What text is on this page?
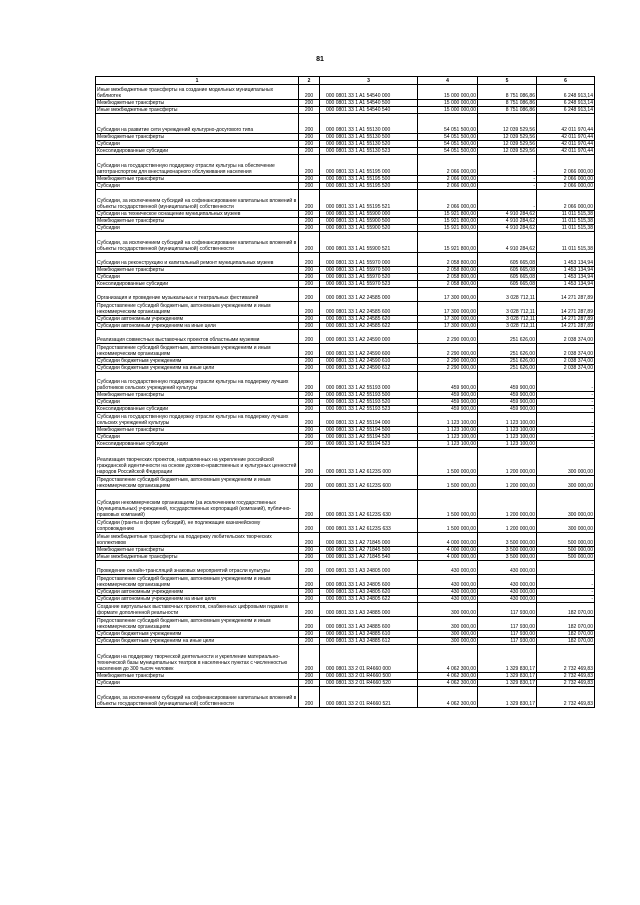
81
1	2	3	4	5	6
Иные межбюджетные трансферты на создание модельных муниципальных библиотек	200	000 0801 33 1 A1 54540 000	15 000 000,00	8 751 086,86	6 248 913,14
Межбюджетные трансферты	200	000 0801 33 1 A1 54540 500	15 000 000,00	8 751 086,86	6 248 913,14
Иные межбюджетные трансферты	200	000 0801 33 1 A1 54540 540	15 000 000,00	8 751 086,86	6 248 913,14
Субсидии на развитие сети учреждений культурно-досугового типа	200	000 0801 33 1 A1 55130 000	54 051 500,00	12 039 529,56	42 011 970,44
Межбюджетные трансферты	200	000 0801 33 1 A1 55130 500	54 051 500,00	12 039 529,56	42 011 970,44
Субсидии	200	000 0801 33 1 A1 55130 520	54 051 500,00	12 039 529,56	42 011 970,44
Консолидированные субсидии	200	000 0801 33 1 A1 55130 523	54 051 500,00	12 039 529,56	42 011 970,44
Субсидии на государственную поддержку отрасли культуры на обеспечение автотранспортом для внестационарного обслуживания населения	200	000 0801 33 1 A1 55195 000	2 066 000,00	-	2 066 000,00
Межбюджетные трансферты	200	000 0801 33 1 A1 55195 500	2 066 000,00	-	2 066 000,00
Субсидии	200	000 0801 33 1 A1 55195 520	2 066 000,00	-	2 066 000,00
Субсидии, за исключением субсидий на софинансирование капитальных вложений в объекты государственной (муниципальной) собственности	200	000 0801 33 1 A1 55195 521	2 066 000,00	-	2 066 000,00
Субсидии на техническое оснащение муниципальных музеев	200	000 0801 33 1 A1 55900 000	15 921 800,00	4 910 284,62	11 011 515,38
Межбюджетные трансферты	200	000 0801 33 1 A1 55900 500	15 921 800,00	4 910 284,62	11 011 515,38
Субсидии	200	000 0801 33 1 A1 55900 520	15 921 800,00	4 910 284,62	11 011 515,38
Субсидии, за исключением субсидий на софинансирование капитальных вложений в объекты государственной (муниципальной) собственности	200	000 0801 33 1 A1 55900 521	15 921 800,00	4 910 284,62	11 011 515,38
Субсидии на реконструкцию и капитальный ремонт муниципальных музеев	200	000 0801 33 1 A1 55970 000	2 058 800,00	605 665,08	1 453 134,94
Межбюджетные трансферты	200	000 0801 33 1 A1 55970 500	2 058 800,00	605 665,08	1 453 134,94
Субсидии	200	000 0801 33 1 A1 55970 520	2 058 800,00	605 665,08	1 453 134,94
Консолидированные субсидии	200	000 0801 33 1 A1 55970 523	2 058 800,00	605 665,08	1 453 134,94
Организация и проведение музыкальных и театральных фестивалей	200	000 0801 33 1 A2 24585 000	17 300 000,00	3 028 712,11	14 271 287,89
Предоставление субсидий бюджетным, автономным учреждениям и иным некоммерческим организациям	200	000 0801 33 1 A2 24585 600	17 300 000,00	3 028 712,11	14 271 287,89
Субсидии автономным учреждениям	200	000 0801 33 1 A2 24585 620	17 300 000,00	3 028 712,11	14 271 287,89
Субсидии автономным учреждениям на иные цели	200	000 0801 33 1 A2 24585 622	17 300 000,00	3 028 712,11	14 271 287,89
Реализация совместных выставочных проектов областными музеями	200	000 0801 33 1 A2 24590 000	2 290 000,00	251 626,00	2 038 374,00
Предоставление субсидий бюджетным, автономным учреждениям и иным некоммерческим организациям	200	000 0801 33 1 A2 24590 600	2 290 000,00	251 626,00	2 038 374,00
Субсидии бюджетным учреждениям	200	000 0801 33 1 A2 24590 610	2 290 000,00	251 626,00	2 038 374,00
Субсидии бюджетным учреждениям на иные цели	200	000 0801 33 1 A2 24590 612	2 290 000,00	251 626,00	2 038 374,00
Субсидии на государственную поддержку отрасли культуры на поддержку лучших работников сельских учреждений культуры	200	000 0801 33 1 A2 55193 000	459 900,00	459 900,00	-
Межбюджетные трансферты	200	000 0801 33 1 A2 55193 500	459 900,00	459 900,00	-
Субсидии	200	000 0801 33 1 A2 55193 520	459 900,00	459 900,00	-
Консолидированные субсидии	200	000 0801 33 1 A2 55193 523	459 900,00	459 900,00	-
Субсидии на государственную поддержку отрасли культуры на поддержку лучших сельских учреждений культуры	200	000 0801 33 1 A2 55194 000	1 123 100,00	1 123 100,00	-
Межбюджетные трансферты	200	000 0801 33 1 A2 55194 500	1 123 100,00	1 123 100,00	-
Субсидии	200	000 0801 33 1 A2 55194 520	1 123 100,00	1 123 100,00	-
Консолидированные субсидии	200	000 0801 33 1 A2 55194 523	1 123 100,00	1 123 100,00	-
Реализация творческих проектов, направленных на укрепление российской гражданской идентичности на основе духовно-нравственных и культурных ценностей народов Российской Федерации	200	000 0801 33 1 A2 6123S 000	1 500 000,00	1 200 000,00	300 000,00
Предоставление субсидий бюджетным, автономным учреждениям и иным некоммерческим организациям	200	000 0801 33 1 A2 6123S 600	1 500 000,00	1 200 000,00	300 000,00
Субсидии некоммерческим организациям (за исключением государственных (муниципальных) учреждений, государственных корпораций (компаний), публично-правовых компаний)	200	000 0801 33 1 A2 6123S 630	1 500 000,00	1 200 000,00	300 000,00
Субсидии (гранты в форме субсидий), не подлежащие казначейскому сопровождению	200	000 0801 33 1 A2 6123S 633	1 500 000,00	1 200 000,00	300 000,00
Иные межбюджетные трансферты на поддержку любительских творческих коллективов	200	000 0801 33 1 A2 71845 000	4 000 000,00	3 500 000,00	500 000,00
Межбюджетные трансферты	200	000 0801 33 1 A2 71845 500	4 000 000,00	3 500 000,00	500 000,00
Иные межбюджетные трансферты	200	000 0801 33 1 A2 71845 540	4 000 000,00	3 500 000,00	500 000,00
Проведение онлайн-трансляций знаковых мероприятий отрасли культуры	200	000 0801 33 1 A3 24805 000	430 000,00	430 000,00	-
Предоставление субсидий бюджетным, автономным учреждениям и иным некоммерческим организациям	200	000 0801 33 1 A3 24805 600	430 000,00	430 000,00	-
Субсидии автономным учреждениям	200	000 0801 33 1 A3 24805 620	430 000,00	430 000,00	-
Субсидии автономным учреждениям на иные цели	200	000 0801 33 1 A3 24805 622	430 000,00	430 000,00	-
Создание виртуальных выставочных проектов, снабженных цифровыми гидами в формате дополненной реальности	200	000 0801 33 1 A3 24885 000	300 000,00	117 930,00	182 070,00
Предоставление субсидий бюджетным, автономным учреждениям и иным некоммерческим организациям	200	000 0801 33 1 A3 24885 600	300 000,00	117 930,00	182 070,00
Субсидии бюджетным учреждениям	200	000 0801 33 1 A3 24885 610	300 000,00	117 930,00	182 070,00
Субсидии бюджетным учреждениям на иные цели	200	000 0801 33 1 A3 24885 612	300 000,00	117 930,00	182 070,00
Субсидии на поддержку творческой деятельности и укрепление материально-технической базы муниципальных театров в населенных пунктах с численностью населения до 300 тысяч человек	200	000 0801 33 2 01 R4660 000	4 062 300,00	1 329 830,17	2 732 469,83
Межбюджетные трансферты	200	000 0801 33 2 01 R4660 500	4 062 300,00	1 329 830,17	2 732 469,83
Субсидии	200	000 0801 33 2 01 R4660 520	4 062 300,00	1 329 830,17	2 732 469,83
Субсидии, за исключением субсидий на софинансирование капитальных вложений в объекты государственной (муниципальной) собственности	200	000 0801 33 2 01 R4660 521	4 062 300,00	1 329 830,17	2 732 469,83
